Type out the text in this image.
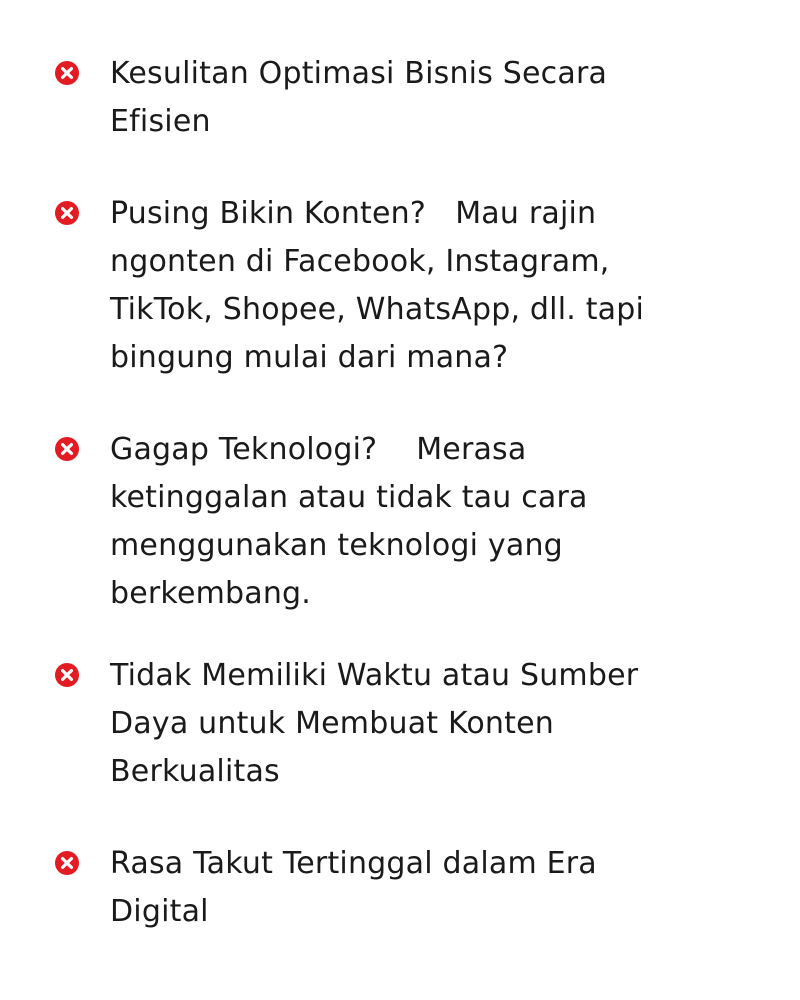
Kesulitan Optimasi Bisnis Secara
Efisien
Pusing Bikin Konten?   Mau rajin
ngonten di Facebook, Instagram,
TikTok, Shopee, WhatsApp, dll. tapi
bingung mulai dari mana?
Gagap Teknologi?    Merasa
ketinggalan atau tidak tau cara
menggunakan teknologi yang
berkembang.
Tidak Memiliki Waktu atau Sumber
Daya untuk Membuat Konten
Berkualitas
Rasa Takut Tertinggal dalam Era
Digital
